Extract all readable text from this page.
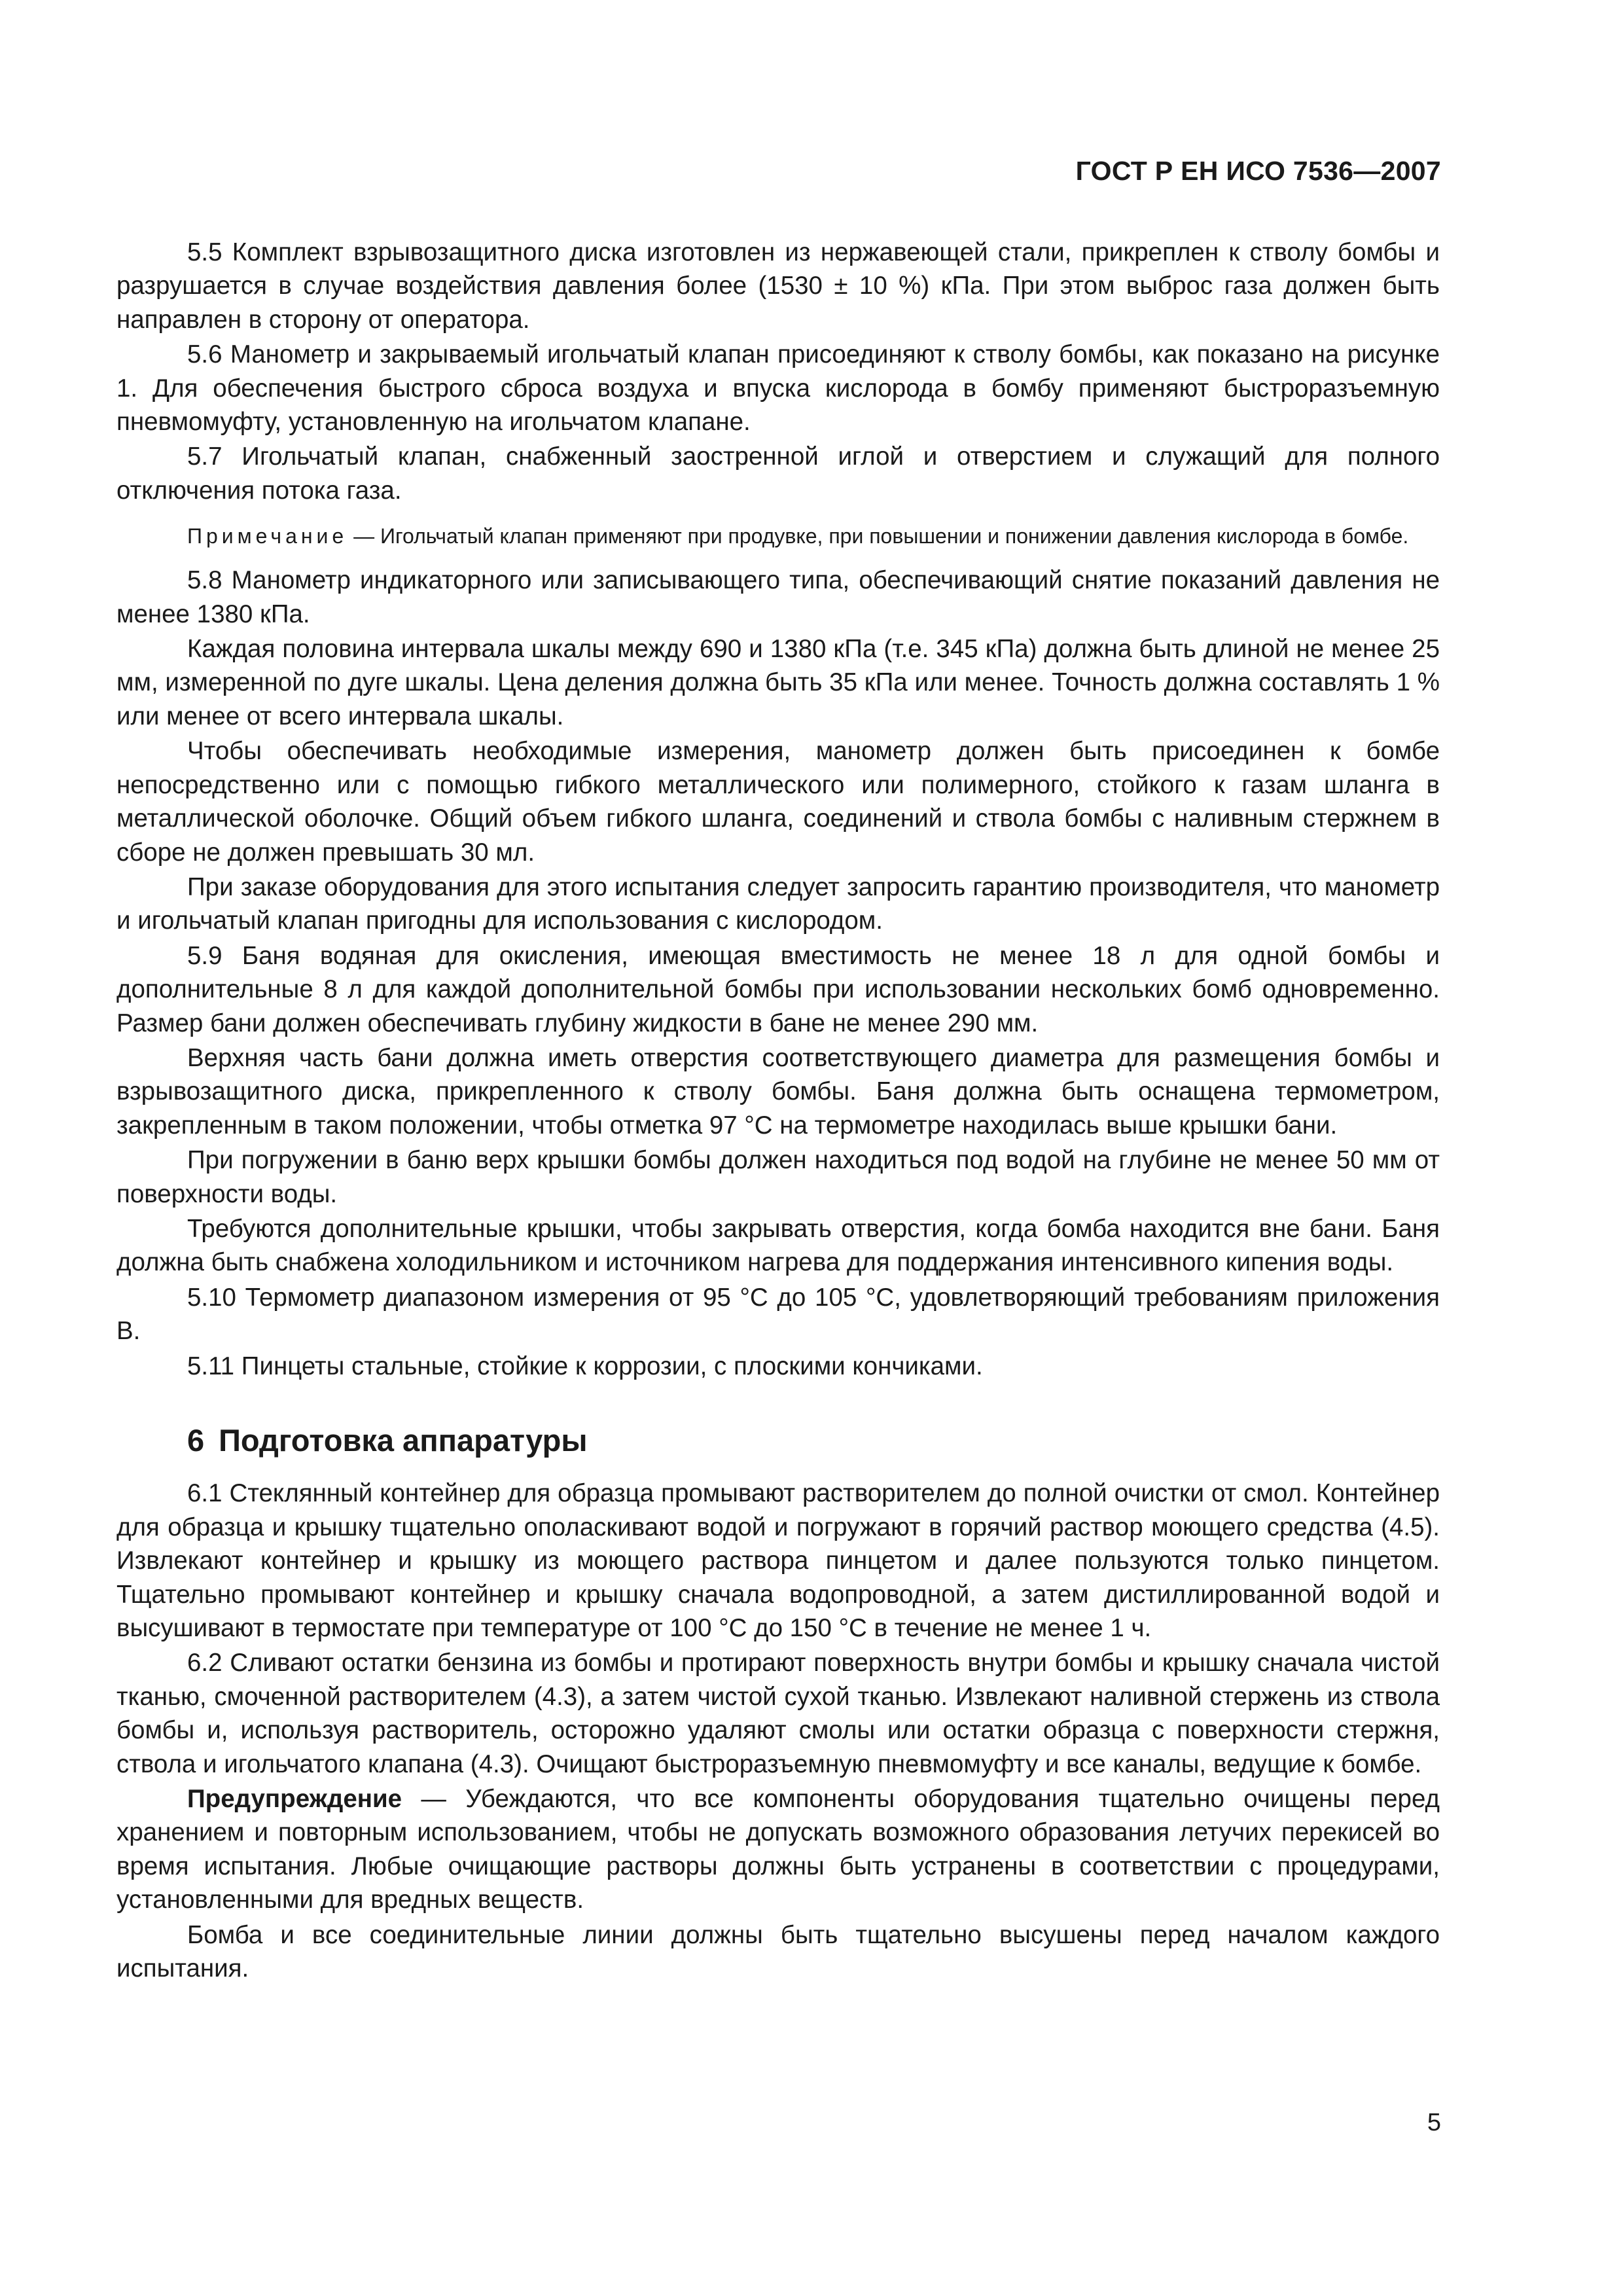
ГОСТ Р ЕН ИСО 7536—2007

5.5 Комплект взрывозащитного диска изготовлен из нержавеющей стали, прикреплен к стволу бомбы и разрушается в случае воздействия давления более (1530 ± 10 %) кПа. При этом выброс газа должен быть направлен в сторону от оператора.

5.6 Манометр и закрываемый игольчатый клапан присоединяют к стволу бомбы, как показано на рисунке 1. Для обеспечения быстрого сброса воздуха и впуска кислорода в бомбу применяют быстроразъемную пневмомуфту, установленную на игольчатом клапане.

5.7 Игольчатый клапан, снабженный заостренной иглой и отверстием и служащий для полного отключения потока газа.

Примечание — Игольчатый клапан применяют при продувке, при повышении и понижении давления кислорода в бомбе.

5.8 Манометр индикаторного или записывающего типа, обеспечивающий снятие показаний давления не менее 1380 кПа.

Каждая половина интервала шкалы между 690 и 1380 кПа (т.е. 345 кПа) должна быть длиной не менее 25 мм, измеренной по дуге шкалы. Цена деления должна быть 35 кПа или менее. Точность должна составлять 1 % или менее от всего интервала шкалы.

Чтобы обеспечивать необходимые измерения, манометр должен быть присоединен к бомбе непосредственно или с помощью гибкого металлического или полимерного, стойкого к газам шланга в металлической оболочке. Общий объем гибкого шланга, соединений и ствола бомбы с наливным стержнем в сборе не должен превышать 30 мл.

При заказе оборудования для этого испытания следует запросить гарантию производителя, что манометр и игольчатый клапан пригодны для использования с кислородом.

5.9 Баня водяная для окисления, имеющая вместимость не менее 18 л для одной бомбы и дополнительные 8 л для каждой дополнительной бомбы при использовании нескольких бомб одновременно. Размер бани должен обеспечивать глубину жидкости в бане не менее 290 мм.

Верхняя часть бани должна иметь отверстия соответствующего диаметра для размещения бомбы и взрывозащитного диска, прикрепленного к стволу бомбы. Баня должна быть оснащена термометром, закрепленным в таком положении, чтобы отметка 97 °С на термометре находилась выше крышки бани.

При погружении в баню верх крышки бомбы должен находиться под водой на глубине не менее 50 мм от поверхности воды.

Требуются дополнительные крышки, чтобы закрывать отверстия, когда бомба находится вне бани. Баня должна быть снабжена холодильником и источником нагрева для поддержания интенсивного кипения воды.

5.10 Термометр диапазоном измерения от 95 °С до 105 °С, удовлетворяющий требованиям приложения В.

5.11 Пинцеты стальные, стойкие к коррозии, с плоскими кончиками.

6 Подготовка аппаратуры

6.1 Стеклянный контейнер для образца промывают растворителем до полной очистки от смол. Контейнер для образца и крышку тщательно ополаскивают водой и погружают в горячий раствор моющего средства (4.5). Извлекают контейнер и крышку из моющего раствора пинцетом и далее пользуются только пинцетом. Тщательно промывают контейнер и крышку сначала водопроводной, а затем дистиллированной водой и высушивают в термостате при температуре от 100 °С до 150 °С в течение не менее 1 ч.

6.2 Сливают остатки бензина из бомбы и протирают поверхность внутри бомбы и крышку сначала чистой тканью, смоченной растворителем (4.3), а затем чистой сухой тканью. Извлекают наливной стержень из ствола бомбы и, используя растворитель, осторожно удаляют смолы или остатки образца с поверхности стержня, ствола и игольчатого клапана (4.3). Очищают быстроразъемную пневмомуфту и все каналы, ведущие к бомбе.

Предупреждение — Убеждаются, что все компоненты оборудования тщательно очищены перед хранением и повторным использованием, чтобы не допускать возможного образования летучих перекисей во время испытания. Любые очищающие растворы должны быть устранены в соответствии с процедурами, установленными для вредных веществ.

Бомба и все соединительные линии должны быть тщательно высушены перед началом каждого испытания.

5
